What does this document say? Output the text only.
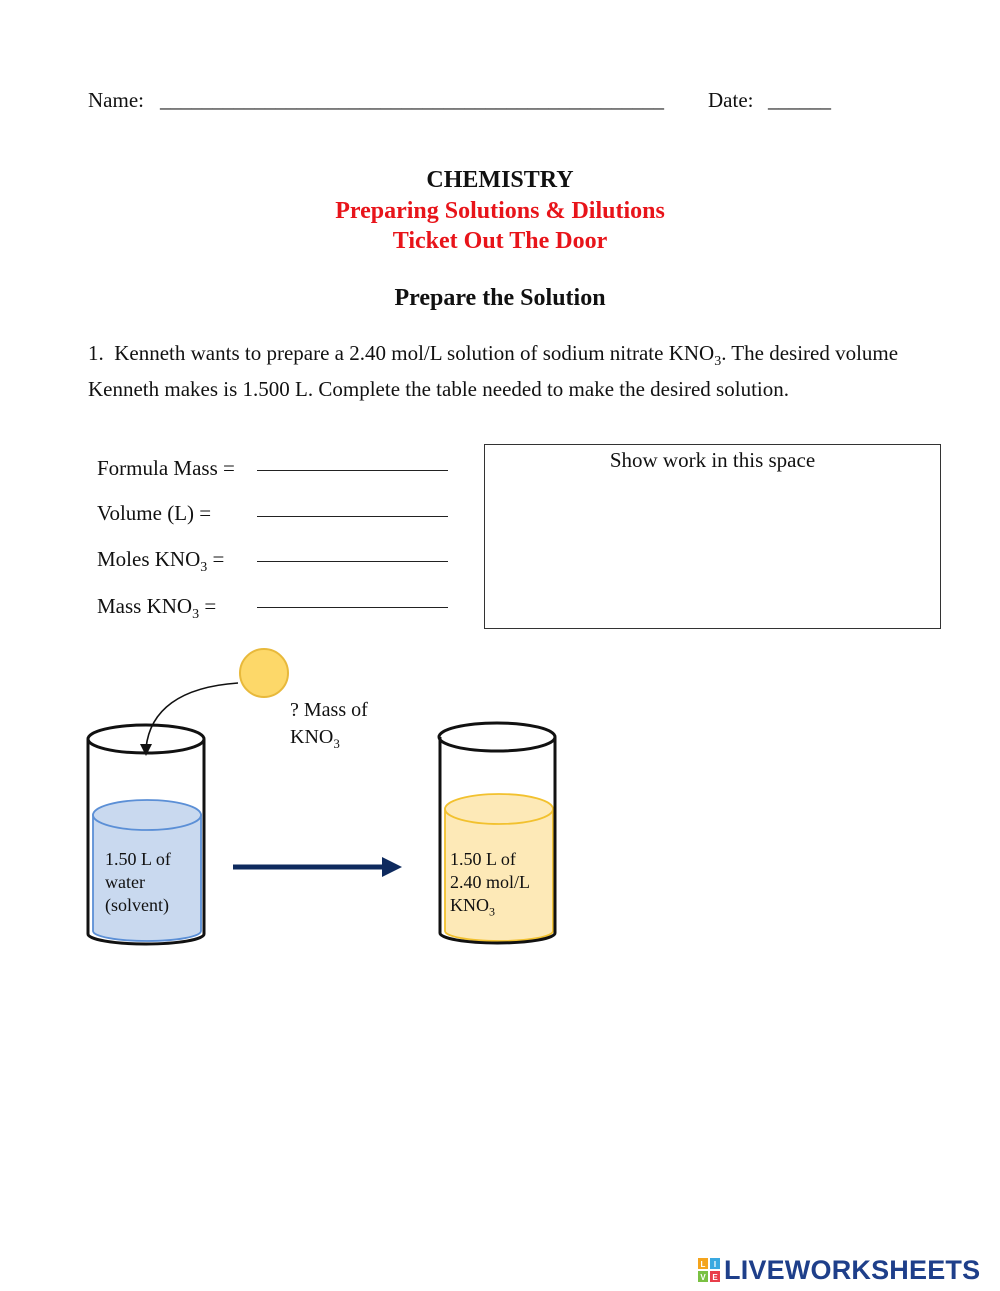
Name: ________________________________________________ Date: ______
CHEMISTRY
Preparing Solutions & Dilutions
Ticket Out The Door
Prepare the Solution
1. Kenneth wants to prepare a 2.40 mol/L solution of sodium nitrate $KNO_3$. The desired volume Kenneth makes is 1.500 L. Complete the table needed to make the desired solution.
Formula Mass =
Volume (L) =
Moles $KNO_3$ =
Mass $KNO_3$ =
Show work in this space
? Mass of
$KNO_3$
1.50 L of
water
(solvent)
1.50 L of
2.40 mol/L
$KNO_3$
L	I
V E LIVEWORKSHEETS
